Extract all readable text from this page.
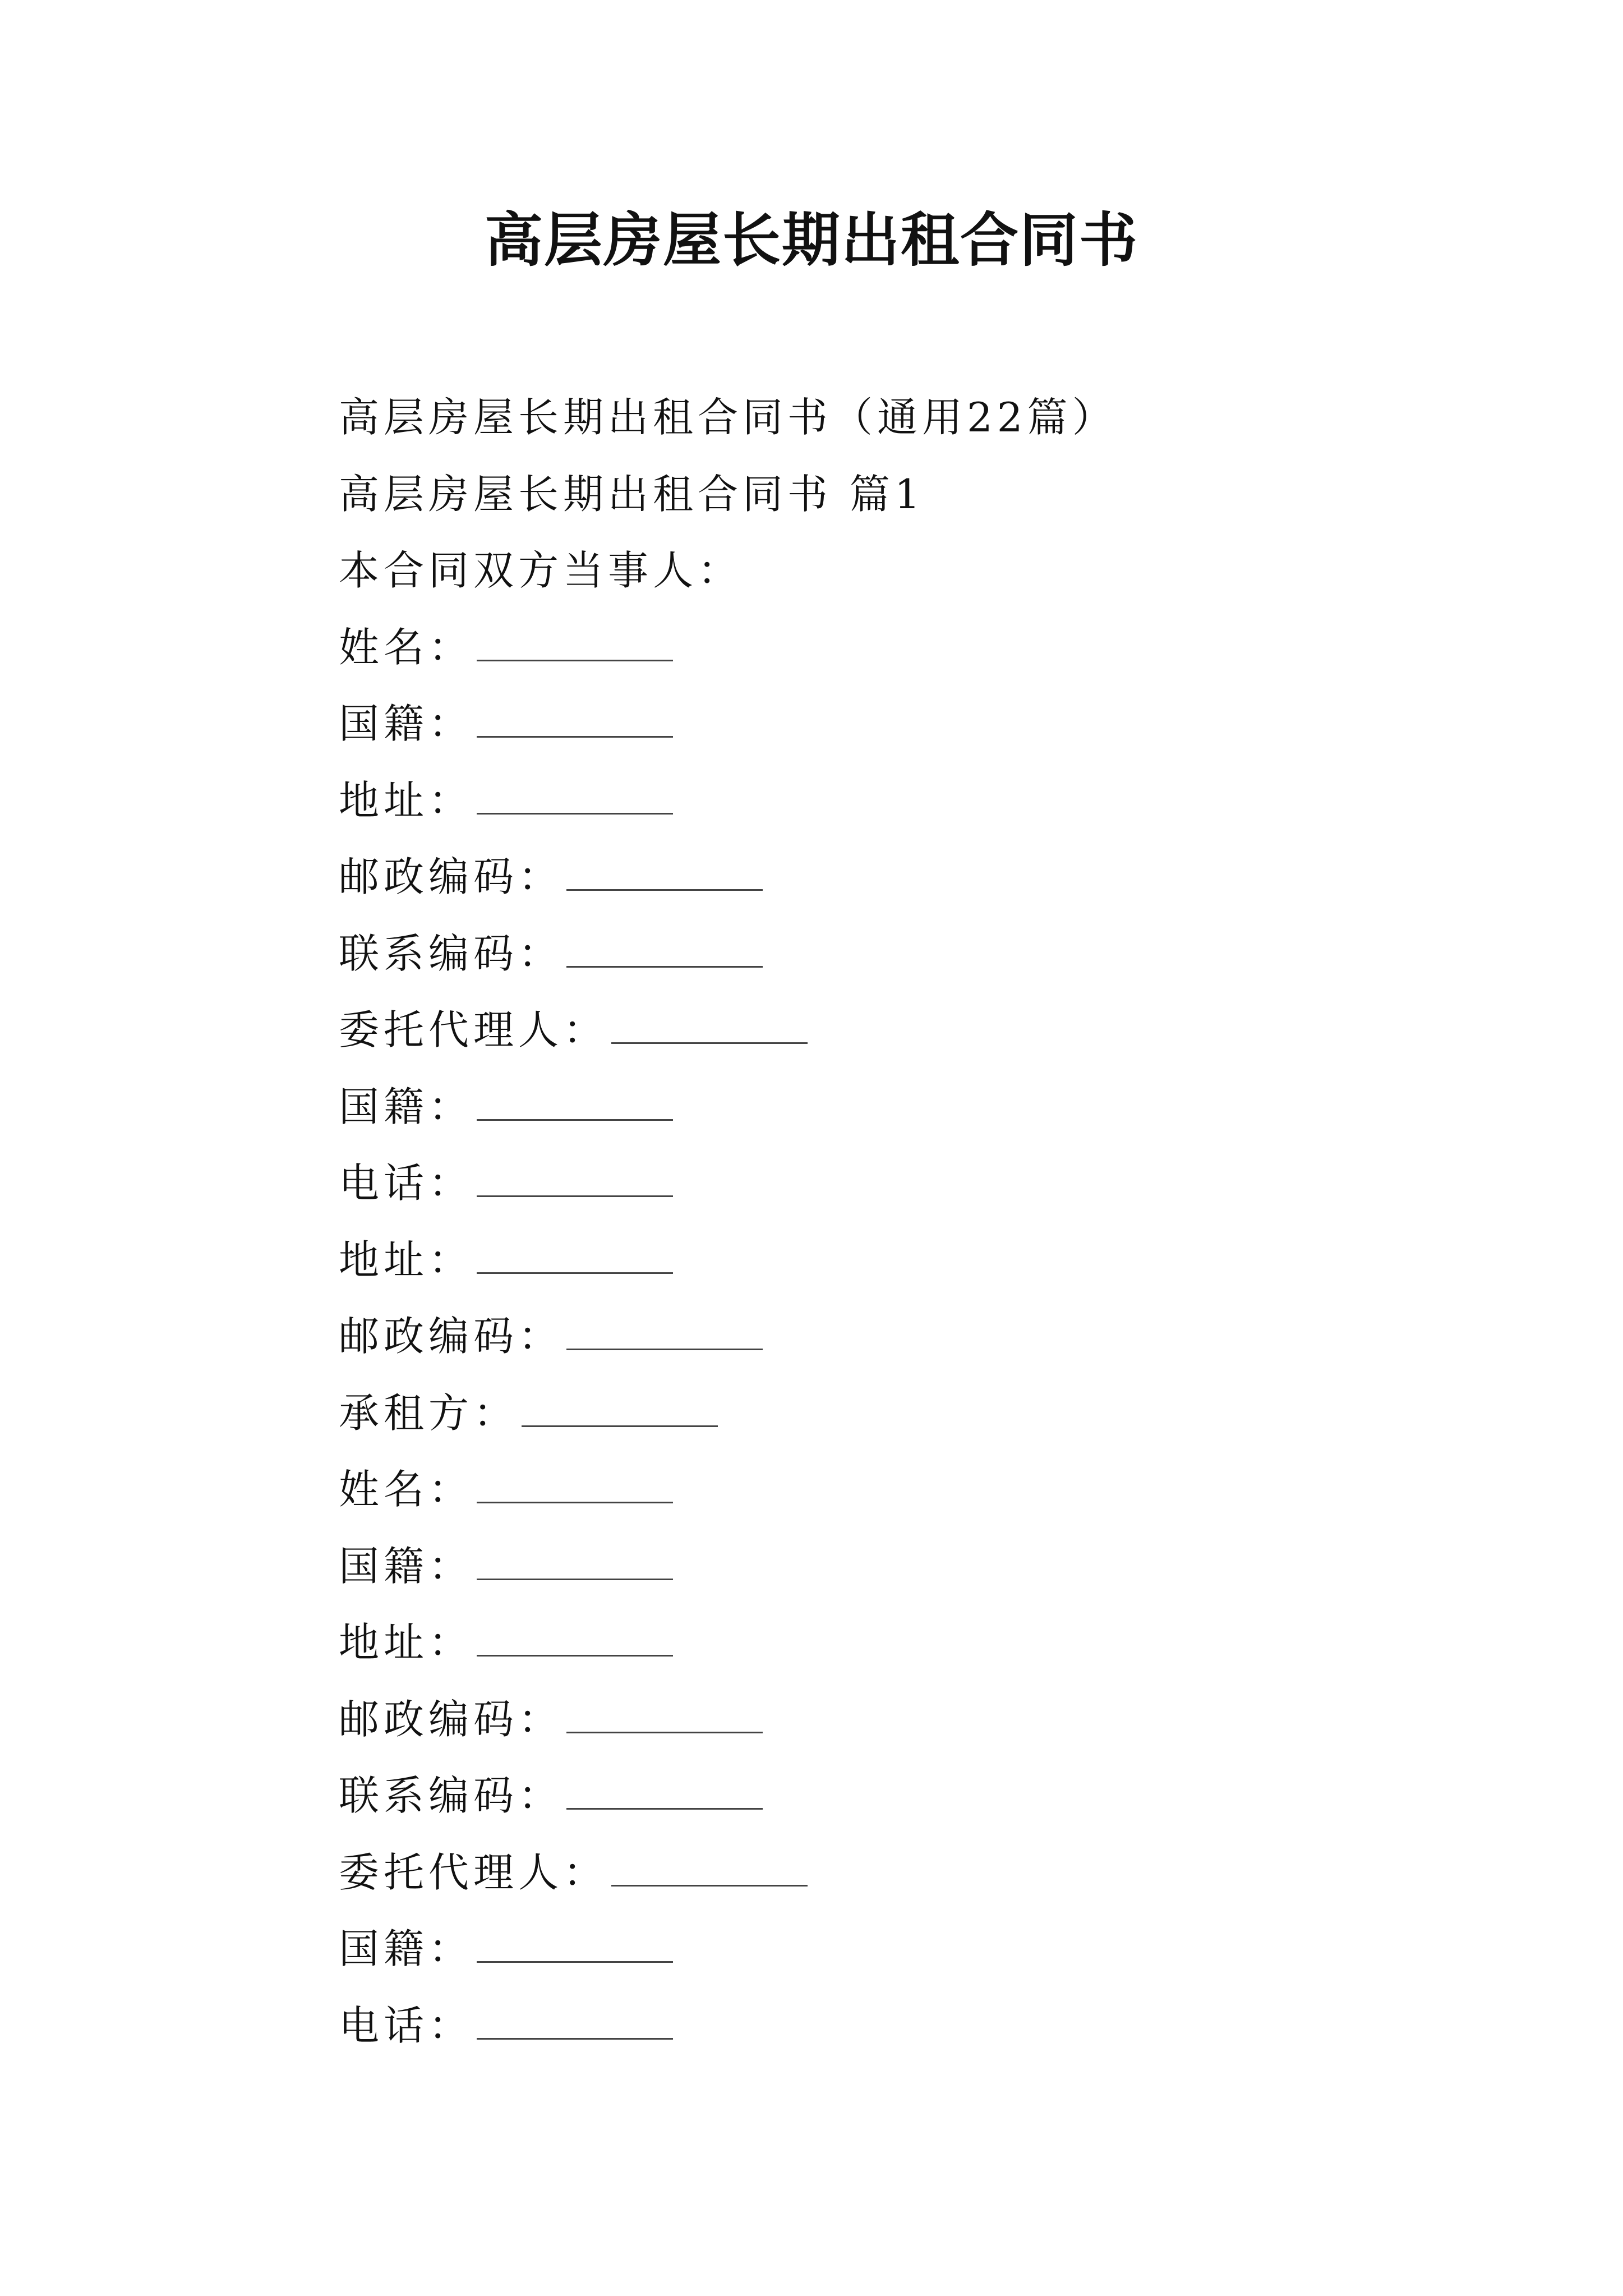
高层房屋长期出租合同书
高层房屋长期出租合同书（通用22篇）
高层房屋长期出租合同书 篇1
本合同双方当事人：
姓名：
国籍：
地址：
邮政编码：
联系编码：
委托代理人：
国籍：
电话：
地址：
邮政编码：
承租方：
姓名：
国籍：
地址：
邮政编码：
联系编码：
委托代理人：
国籍：
电话：
